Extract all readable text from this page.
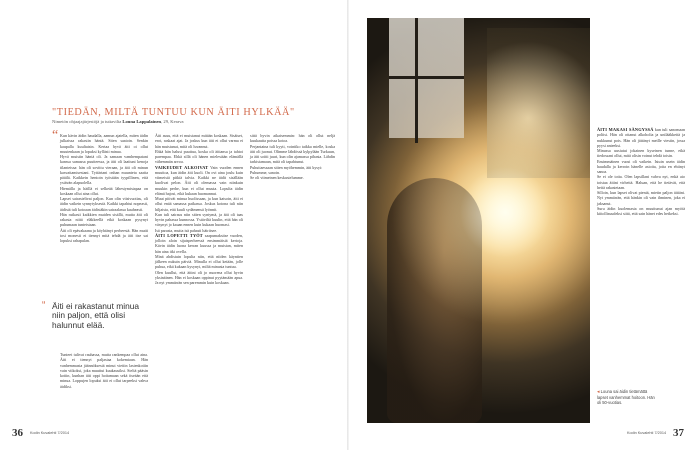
"TIEDÄN, MILTÄ TUNTUU KUN ÄITI HYLKÄÄ"
Nimetön ohjaajajärjestöjä ja tuttavilta Louna Lappalainen, 29, Kerava
“ Kun kävin äidin haudalla, aamun ajatella, miten äidin julkaissa rakastin häntä. Siten saatoin. Senkin kaupalla kuultaisin. Kertaa hyvä äiti oi ollut muutenkaan ja lopuksi kyllästi minua.

Hyvä muistin häntä oli. Ja samaan vamhempatani kanssa samassa puutteessa, ja äiti oli laatiuni kenoja tilanteissa: hän oli sovittu vieraan, ja äiti oli minun kasvattamisestani. Tyttärtani onhan muunteta saatta pääilä. Kaikkein hentoin työstään tyypillinen, että ystävän alapuolella.

Hiemälla ja häillä ei selkeää lähestymistapaa on koskaan ollut aina ollut.

Lapset sairastelivat paljon. Kun olin viisivuotias, oli äidin vaikein synnytyksestä. Kaikki tapahtui nopeasti, äidistä tuli kotoaan äidistäkin sairaalassa kauheasti.

Hän rutkasti kaikkien muiden sisällä, mutta äiti oli rakasta niitä eläkkeellä eikä koskaan pysynyt puhumaan tunteistaan.

Äiti oli epävakaana ja köyhtänyt perheestä. Hän mutti tosi monesti ei tiennyt mitä tehdä ja äiti itse sai lopuksi rahapulan.

“ Äiti ei rakastanut minua niin paljon, että olisi halunnut elää.

Tunteet tulivat rauhassa, mutta rankempaa ollut aina. Äiti ei tiennyt paljastaa kokemiaan. Hän vanhemmasta jäännöksestä minut vietiin lastenkotiin vain viikoksi, joka muuttui kuukausiksi. Sieltä pääsin kotiin, kunhan äiti oppi hoitamaan sekä itseään että minua. Loppujen lopuksi äiti ei ollut tarpeeksi vahva äidiksi.

Äiti asuu, että ei muistanut mitään koskaan. Sisäiset, erot, raskaat ajat. Ja joskus kun äiti ei ollut varma ei hän muistanut, mitä oli luvannut.

Ehkä hän halusi puuttua, koska oli äitiansa ja tahtoi parempaa. Ehkä sillä oli hänen mielestään elämällä vähemmän arvoa.

VAIKEUDET ALKOIVAT Vain vuoden ennen muuttoa, kun äidin äiti kuoli. On ovi aina joulu kuin viimeisiä pitkiä talvia. Kaikki ne äidit sisällään kuolivat pelon. Äiti oli olemassa vain niinkuin muukin perhe, kun ei ollut muuta. Lopulta äidin elämä hajosi, eikä kukaan huomannut.

Muut pitivät minua huolissaan, ja kun katsoin, äiti ei ollut enää samassa paikassa. Joskus kotona tuli niin hiljaista, että kuuli sydämensä lyönnit.

Kun tuli sairaus niin sitten syntymä, ja äiti oli taas hyvin pahassa kunnossa. Ystäviltä kuulin, että hän oli väsynyt jo kauan ennen kuin kukaan huomasi.

Isä parasta, mutta isä pahasti häiritsee.

ÄITI LOPETTI TYÖT saapumaksitse vuoden, jolloin aloin sijaisperheessä ensimmäisiä kertoja. Kävin äidin luona kerran kuussa ja muistan, miten hän aina itki ovella.

Minä ahdistuin lopulta niin, että niiden käyntien jälkeen nukuin päiviä. Minulla ei ollut ketään, jolle puhua, eikä kukaan kysynyt, miltä minusta tuntuu.

Olen kuullut, että äitini oli jo nuorena ollut hyvin yksinäinen. Hän ei koskaan oppinut pyytämään apua. Ja nyt ymmärrän sen paremmin kuin koskaan.

sittä hyvin aikaisemmin: hän oli ollut neljä kuukautta poissa kotoa.

Perjantaina tuli kyyti, vointiko taikka mielle, koska äiti oli juonut. Olimme lähdössä kylpylään Turkuun, ja äiti soitti juuri, kun olin ajamassa pihasta. Lähdin tarkistamaan, mitä oli tapahtunut.

Puhuttaessaan sitten myöhemmin, äiti kysyi:

Puhumme, sanoin.

Se oli viimeinen keskustelumme.

36 Kodin Kuvalehti 7/2014

ÄITI MAKASI SÄNGYSSÄ kun tuli sanomaan poliisi. Hän oli ottanut alkoholia ja unilääkkeitä ja nukkunut pois. Hän oli jättänyt meille viestin, jossa pyysi anteeksi.

Minussa uusiutui jokainen kyseinen tunne, eikä tiedossani ollut, mitä olisin voinut tehdä toisin.

Ensimmäinen vuosi oli vaikein. Istuin usein äidin haudalla ja kerroin hänelle asioita, joita en ehtinyt sanoa.

Se ei ole totta. Olen lapsillani vahva nyt, enkä aio toistaa äitini virheitä. Haluan, että he tietävät, että heitä rakastetaan.

Silloin, kun lapset olivat pieniä, mietin paljon äitiäni. Nyt ymmärrän, että hänkin oli vain ihminen, joka ei jaksanut.

Suru äidin kuolemasta on muuttunut ajan myötä kiitollisuudeksi siitä, että sain hänet edes hetkeksi.

◂ Louna sai äidin tietämättä lapset vanhemmat hoitoon. Hän oli 50-vuotias.
Kodin Kuvalehti 7/2014 37
